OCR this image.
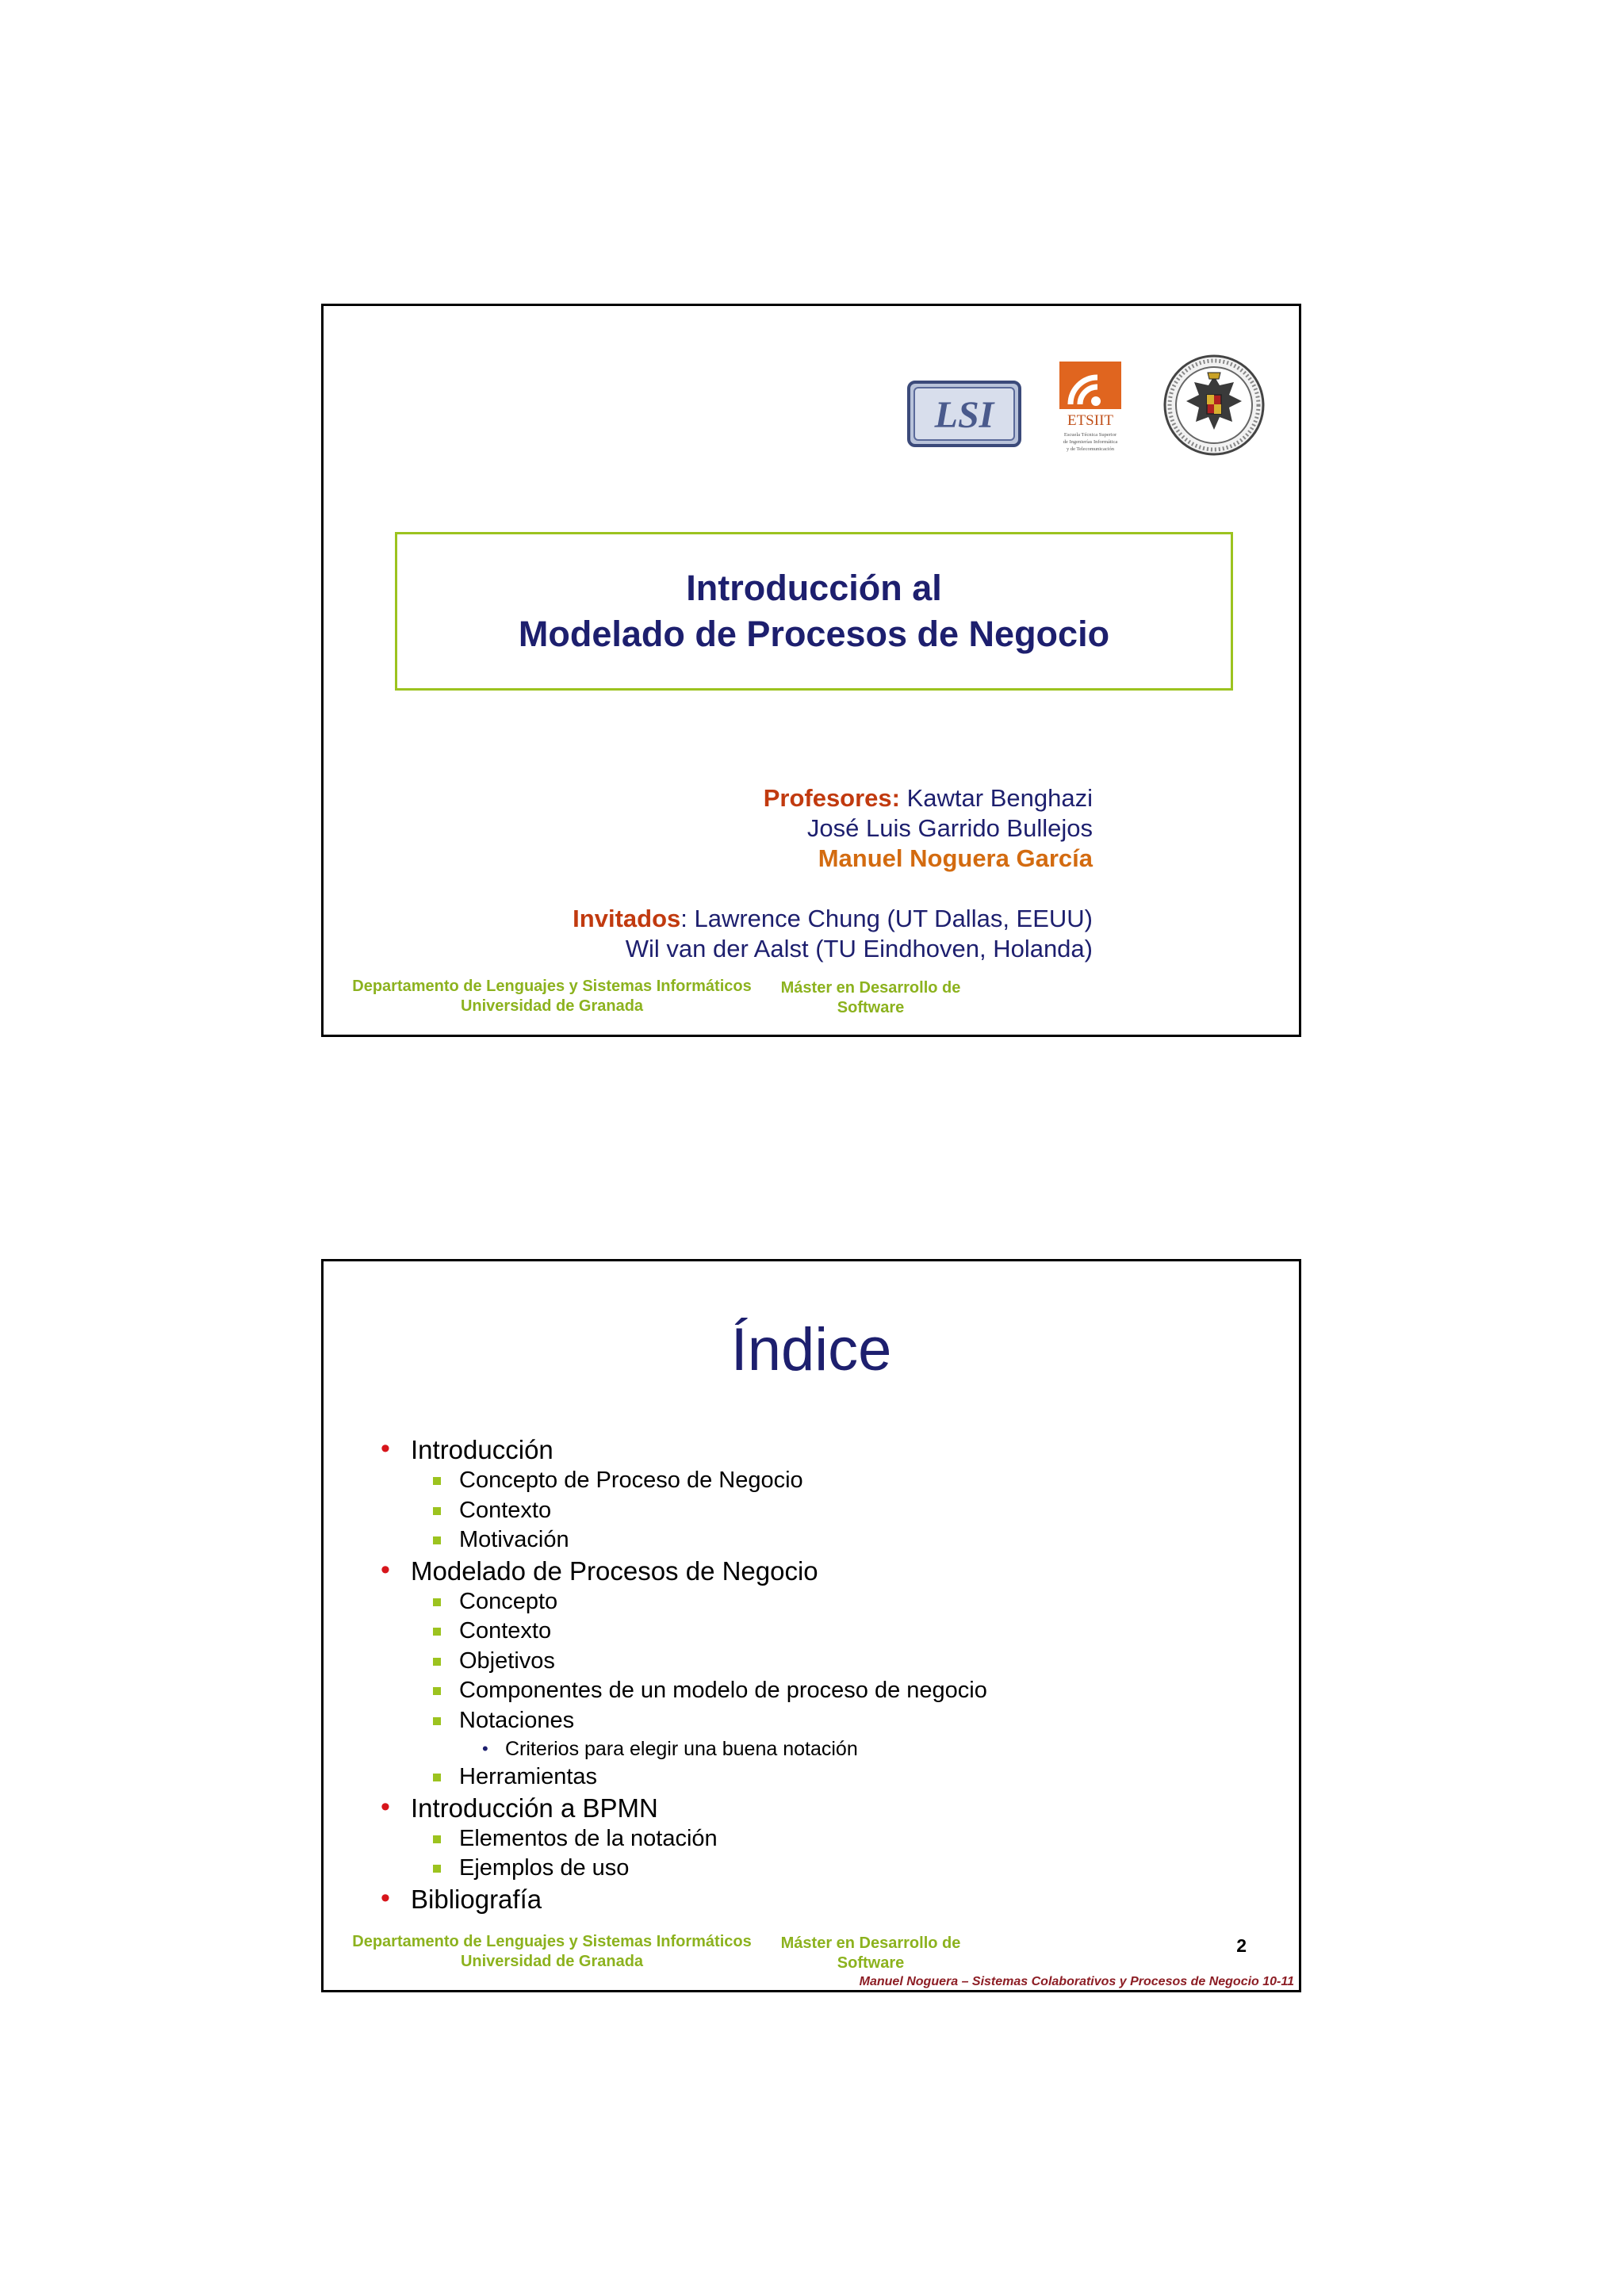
LSI	ETSIIT
Escuela Técnica Superior
de Ingenierías Informática
y de Telecomunicación
Introducción al
Modelado de Procesos de Negocio
Profesores: Kawtar Benghazi
José Luis Garrido Bullejos
Manuel Noguera García
Invitados: Lawrence Chung (UT Dallas, EEUU)
Wil van der Aalst (TU Eindhoven, Holanda)
Departamento de Lenguajes y Sistemas Informáticos
Universidad de Granada
Máster en Desarrollo de
Software
Índice
• Introducción
Concepto de Proceso de Negocio
Contexto
Motivación
• Modelado de Procesos de Negocio
Concepto
Contexto
Objetivos
Componentes de un modelo de proceso de negocio
Notaciones
• Criterios para elegir una buena notación
Herramientas
• Introducción a BPMN
Elementos de la notación
Ejemplos de uso
• Bibliografía
Departamento de Lenguajes y Sistemas Informáticos
Universidad de Granada
Máster en Desarrollo de
Software
2
Manuel Noguera – Sistemas Colaborativos y Procesos de Negocio 10-11
